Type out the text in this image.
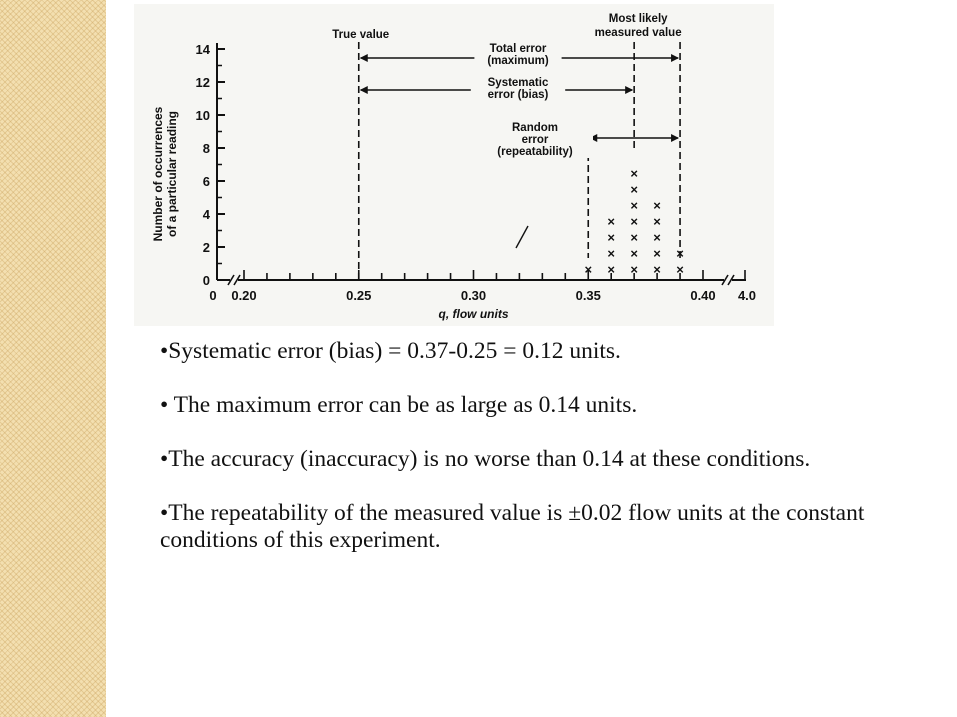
0
2
4
6
8
10
12
14
Number of occurrences of a particular reading
0 0.20	0.25	0.30	0.35	0.40 4.0
q, flow units
True value
Most likely
measured value
Total error
(maximum)
Systematic
error (bias)
Random
error
(repeatability)
× ×
×
×
×
×
×
×
×
×
×
×
×
×
×
×
×
×
×

•Systematic error (bias) = 0.37-0.25 = 0.12 units.

• The maximum error can be as large as 0.14 units.

•The accuracy (inaccuracy) is no worse than 0.14 at these conditions.

•The repeatability of the measured value is ±0.02 flow units at the constant conditions of this experiment.
